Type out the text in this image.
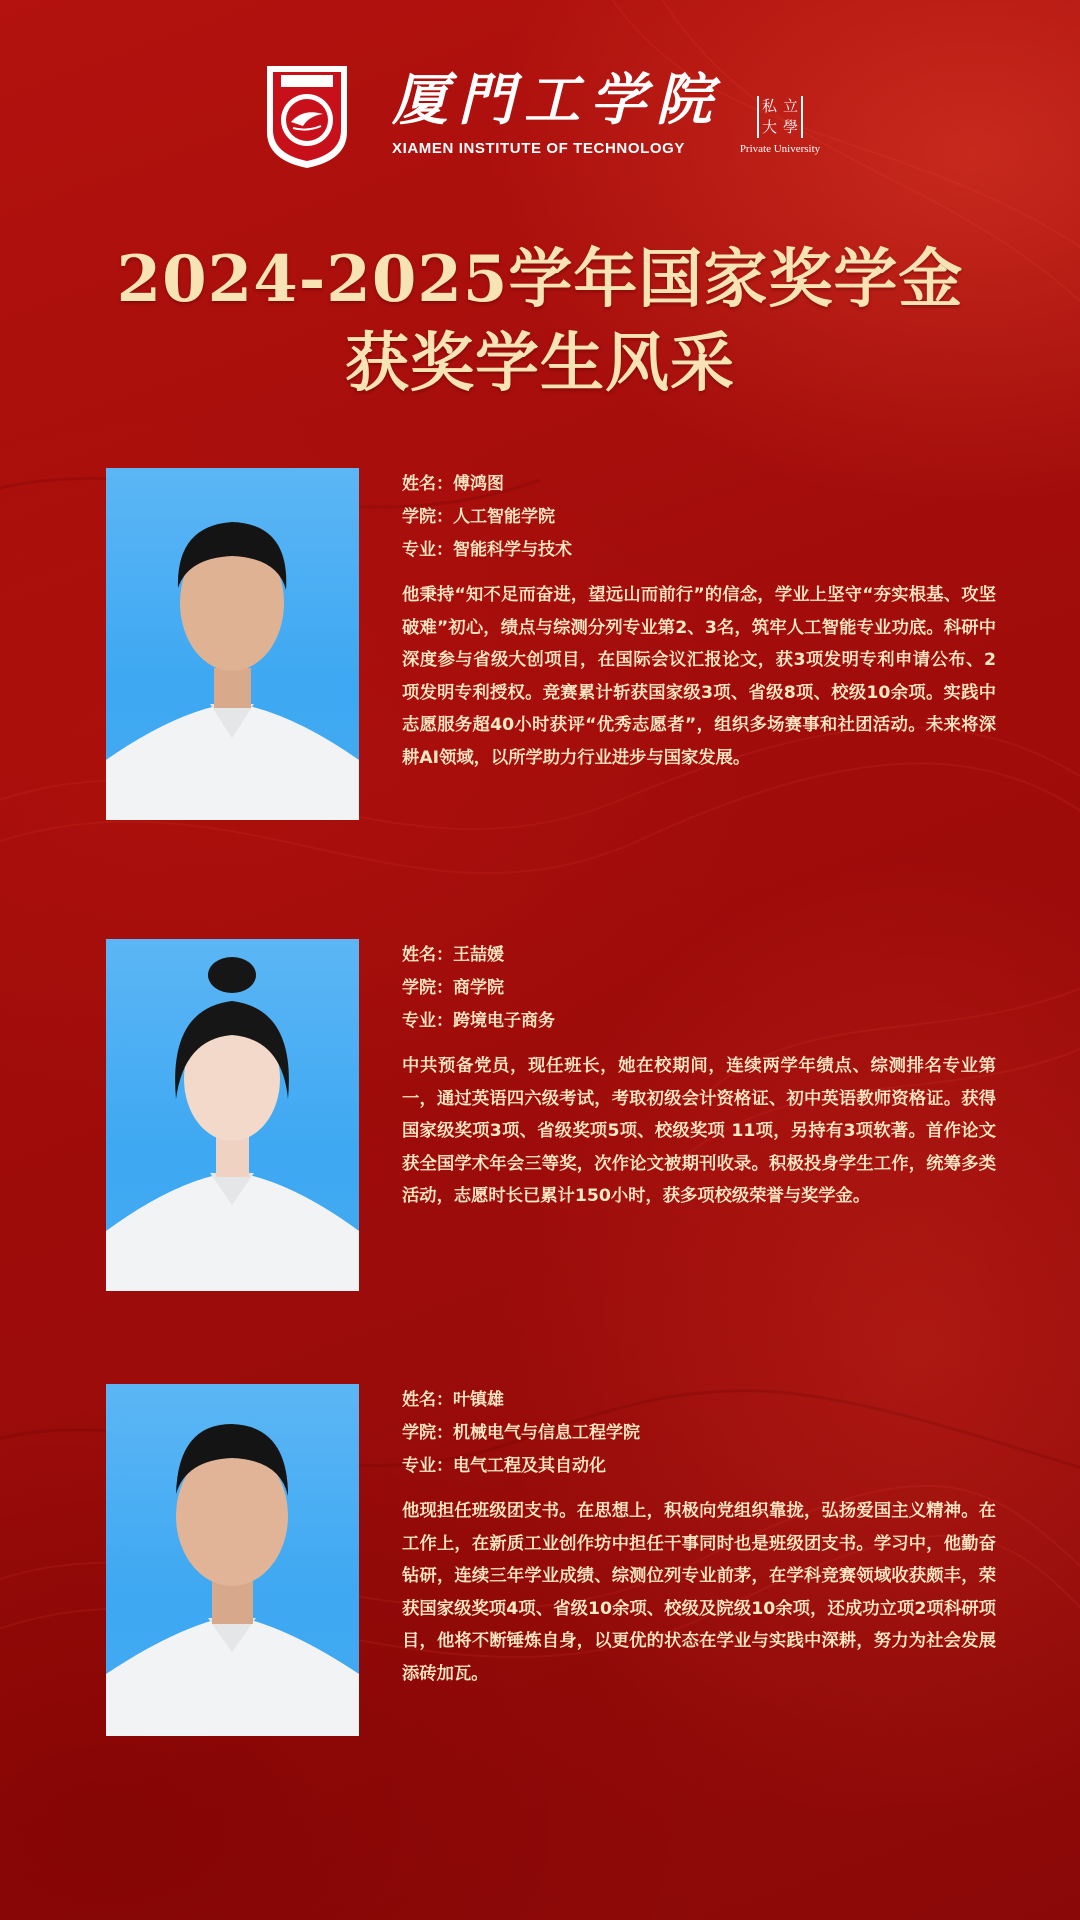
厦門工学院
XIAMEN INSTITUTE OF TECHNOLOGY
私 立
大 學
Private University
2024-2025学年国家奖学金
获奖学生风采
姓名：傅鸿图
学院：人工智能学院
专业：智能科学与技术
他秉持“知不足而奋进，望远山而前行”的信念，学业上坚守“夯实根基、攻坚破难”初心，绩点与综测分列专业第2、3名，筑牢人工智能专业功底。科研中深度参与省级大创项目，在国际会议汇报论文，获3项发明专利申请公布、2项发明专利授权。竞赛累计斩获国家级3项、省级8项、校级10余项。实践中志愿服务超40小时获评“优秀志愿者”，组织多场赛事和社团活动。未来将深耕AI领域，以所学助力行业进步与国家发展。
姓名：王喆媛
学院：商学院
专业：跨境电子商务
中共预备党员，现任班长，她在校期间，连续两学年绩点、综测排名专业第一，通过英语四六级考试，考取初级会计资格证、初中英语教师资格证。获得国家级奖项3项、省级奖项5项、校级奖项 11项，另持有3项软著。首作论文获全国学术年会三等奖，次作论文被期刊收录。积极投身学生工作，统筹多类活动，志愿时长已累计150小时，获多项校级荣誉与奖学金。
姓名：叶镇雄
学院：机械电气与信息工程学院
专业：电气工程及其自动化
他现担任班级团支书。在思想上，积极向党组织靠拢，弘扬爱国主义精神。在工作上，在新质工业创作坊中担任干事同时也是班级团支书。学习中，他勤奋钻研，连续三年学业成绩、综测位列专业前茅，在学科竞赛领域收获颇丰，荣获国家级奖项4项、省级10余项、校级及院级10余项，还成功立项2项科研项目，他将不断锤炼自身，以更优的状态在学业与实践中深耕，努力为社会发展添砖加瓦。
